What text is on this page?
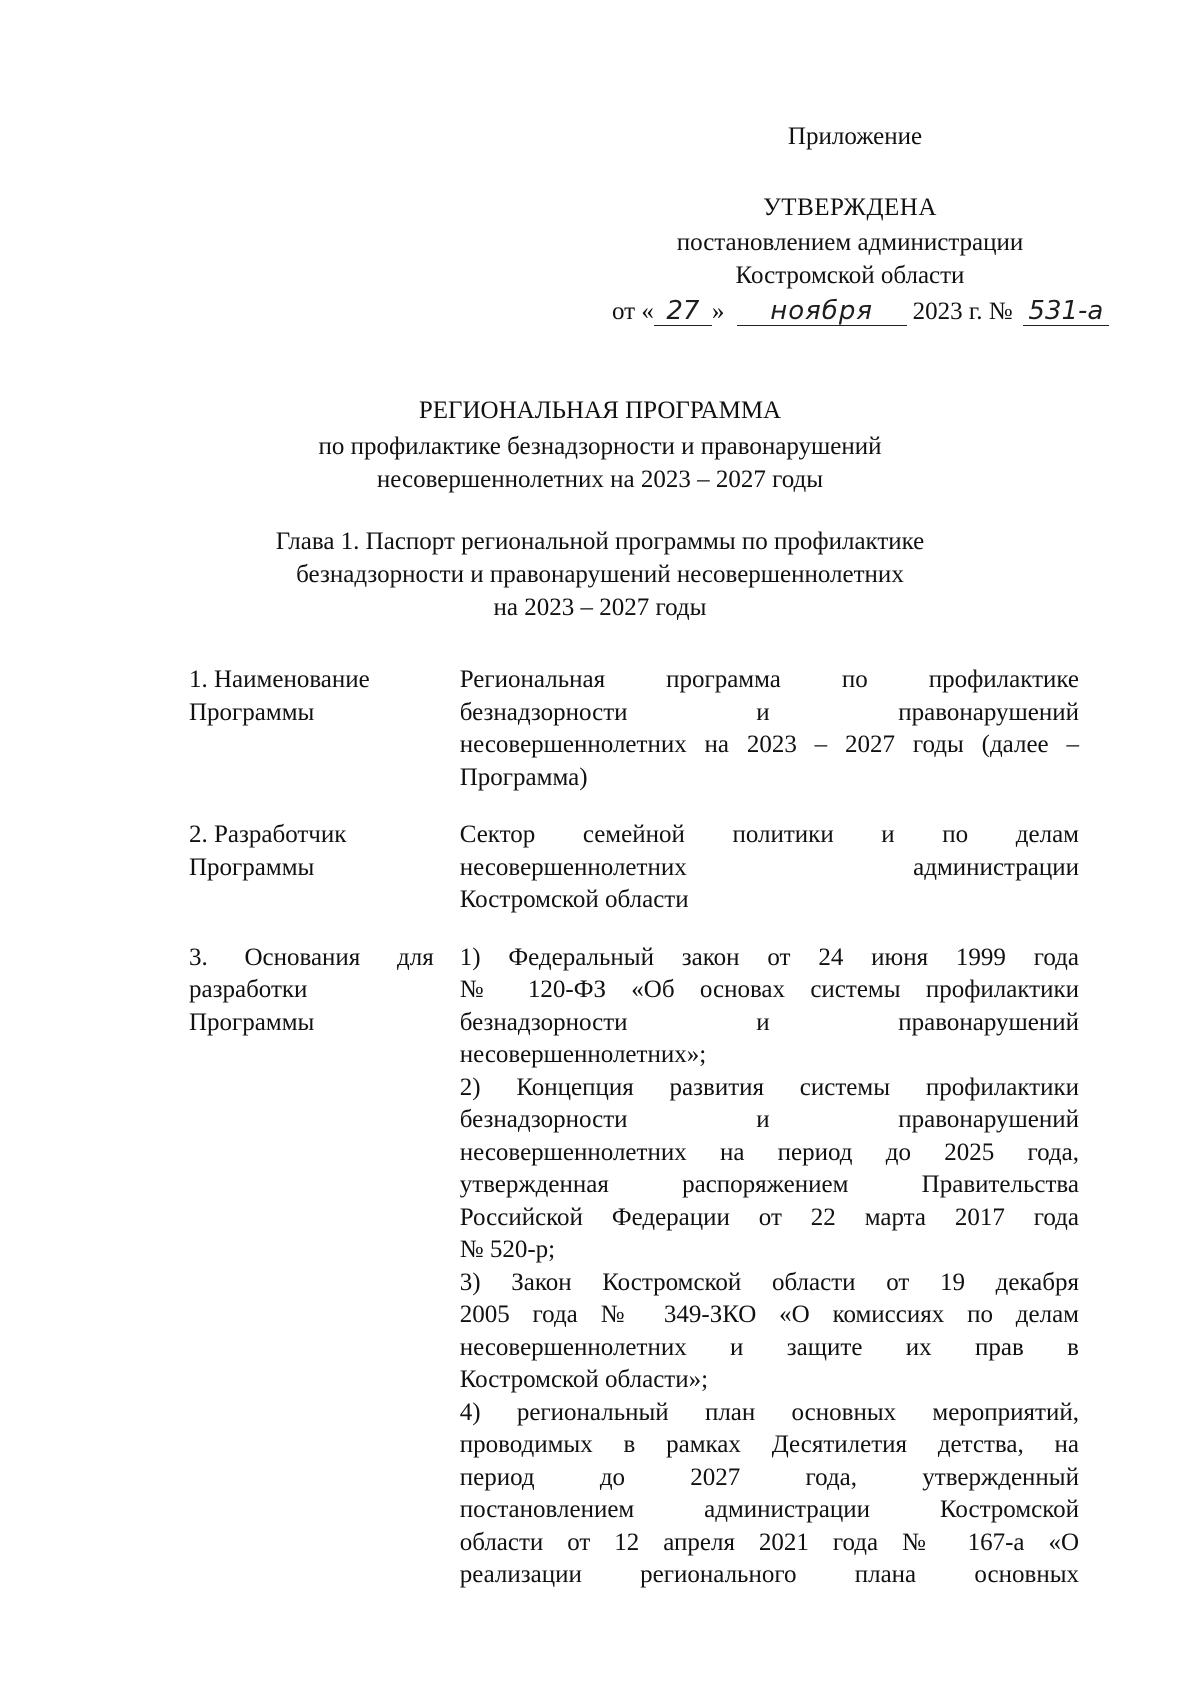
Приложение
УТВЕРЖДЕНА
постановлением администрации
Костромской области
от « 27 » ноября 2023 г. № 531-а
РЕГИОНАЛЬНАЯ ПРОГРАММА
по профилактике безнадзорности и правонарушений
несовершеннолетних на 2023 – 2027 годы
Глава 1. Паспорт региональной программы по профилактике
безнадзорности и правонарушений несовершеннолетних
на 2023 – 2027 годы
1. Наименование
Программы
Региональная программа по профилактике
безнадзорности и правонарушений
несовершеннолетних на 2023 – 2027 годы (далее –
Программа)
2. Разработчик
Программы
Сектор семейной политики и по делам
несовершеннолетних администрации
Костромской области
3. Основания для
разработки
Программы
1) Федеральный закон от 24 июня 1999 года
№ 120-ФЗ «Об основах системы профилактики
безнадзорности и правонарушений
несовершеннолетних»;
2) Концепция развития системы профилактики
безнадзорности и правонарушений
несовершеннолетних на период до 2025 года,
утвержденная распоряжением Правительства
Российской Федерации от 22 марта 2017 года
№ 520-р;
3) Закон Костромской области от 19 декабря
2005 года № 349-ЗКО «О комиссиях по делам
несовершеннолетних и защите их прав в
Костромской области»;
4) региональный план основных мероприятий,
проводимых в рамках Десятилетия детства, на
период до 2027 года, утвержденный
постановлением администрации Костромской
области от 12 апреля 2021 года № 167-а «О
реализации регионального плана основных
